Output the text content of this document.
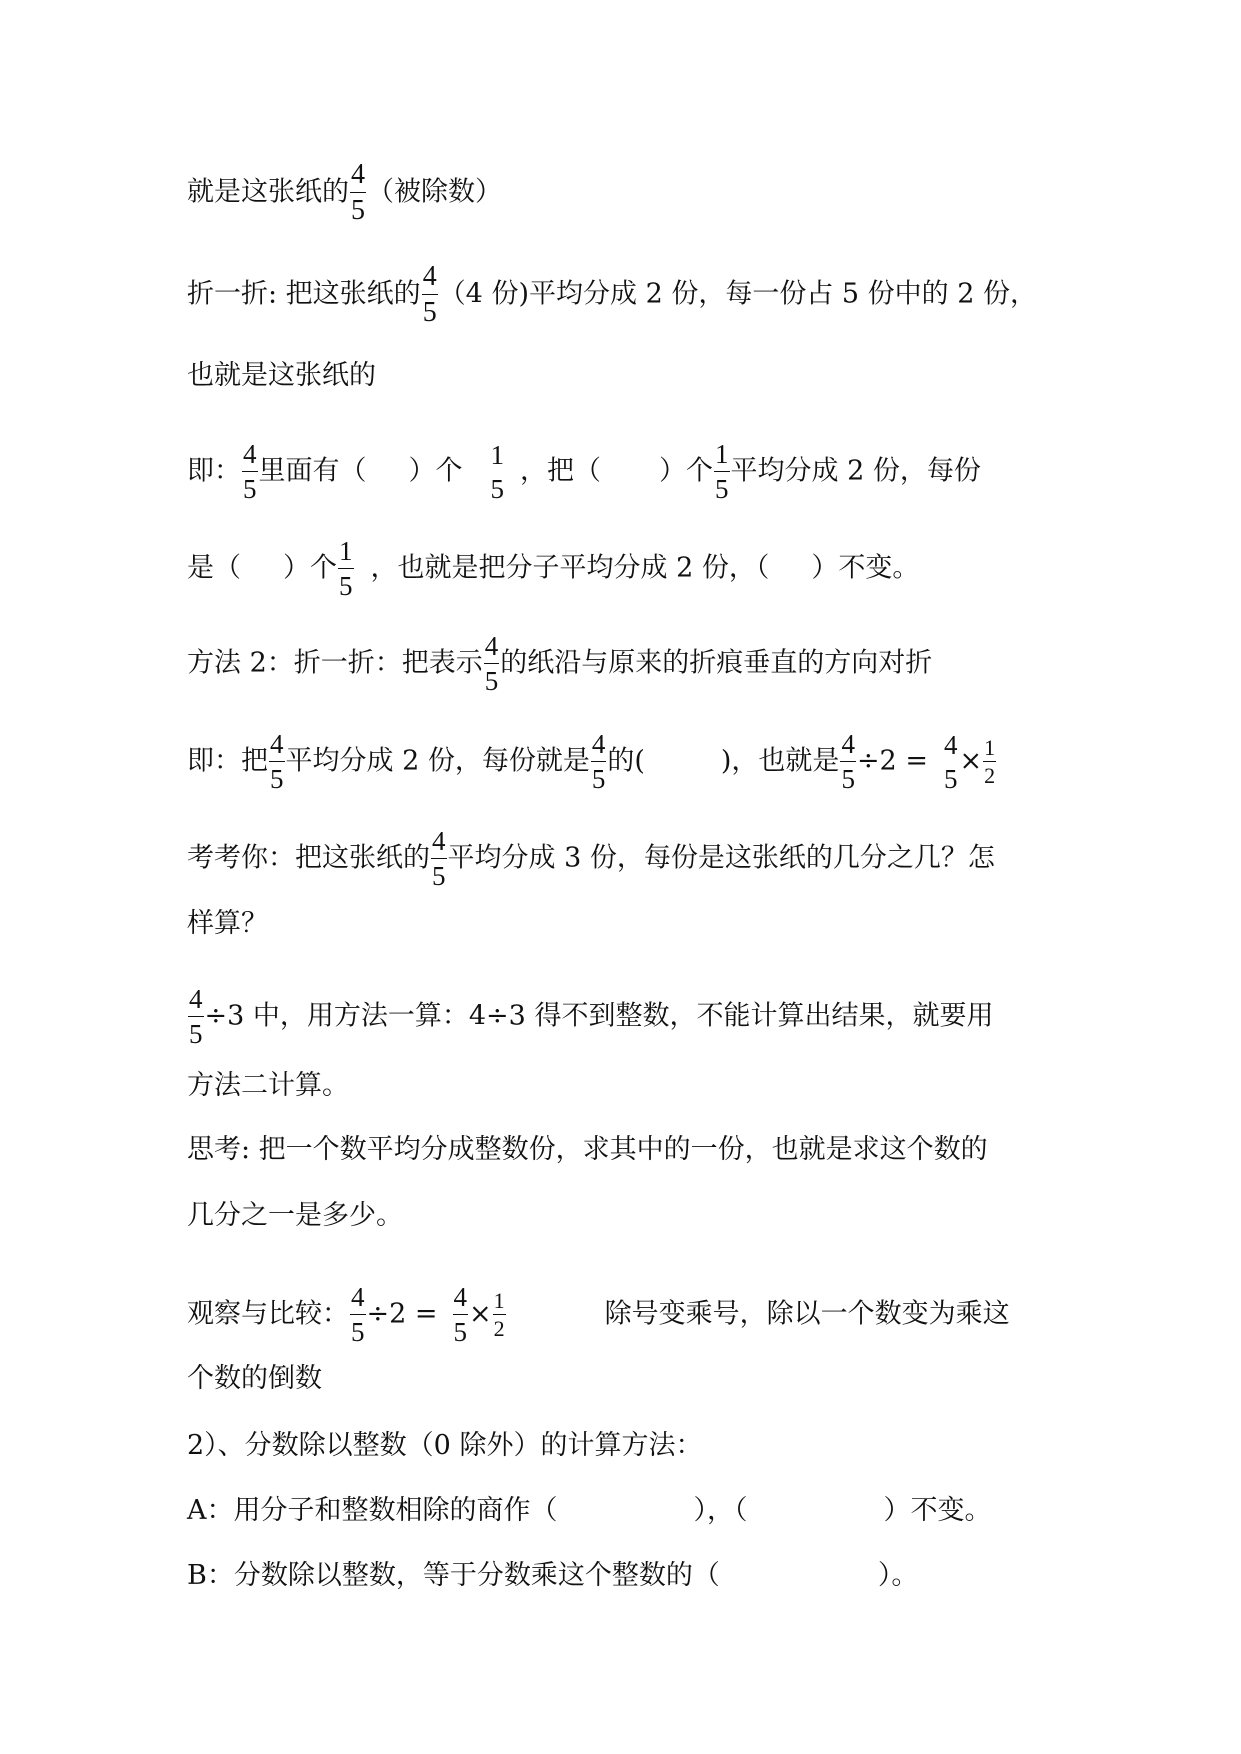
就是这张纸的 $\frac{4}{5}$ （被除数）
折一折: 把这张纸的 $\frac{4}{5} (4$ 份)平均分成 2 份，每一份占 5 份中的 2 份，
也就是这张纸的
即： $\frac{4}{5}$ 里面有（ ）个
1
5
，把（ ）个 $\frac{1}{5}$ 平均分成 2 份，每份
是（ ）个 $\frac{1}{5}$ ，也就是把分子平均分成 2 份，（ ）不变。
方法 2：折一折：把表示 $\frac{4}{5}$ 的纸沿与原来的折痕垂直的方向对折
即：把 $\frac{4}{5}$ 平均分成 2 份，每份就是 $\frac{4}{5}$ 的(	)，也就是 $\frac{4}{5} \div 2$ =
4
5
× $\frac{1}{2}$
考考你：把这张纸的 $\frac{4}{5}$ 平均分成 3 份，每份是这张纸的几分之几？怎
样算？
$\frac{4}{5} \div 3$ 中，用方法一算：4÷3 得不到整数，不能计算出结果，就要用
方法二计算。
思考: 把一个数平均分成整数份，求其中的一份，也就是求这个数的
几分之一是多少。
观察与比较： $\frac{4}{5} \div 2 = \frac{4}{5} \times \frac{1}{2}$	除号变乘号，除以一个数变为乘这
个数的倒数
2）、分数除以整数（0 除外）的计算方法：
A：用分子和整数相除的商作（	），（	）不变。
B：分数除以整数，等于分数乘这个整数的（	）。
